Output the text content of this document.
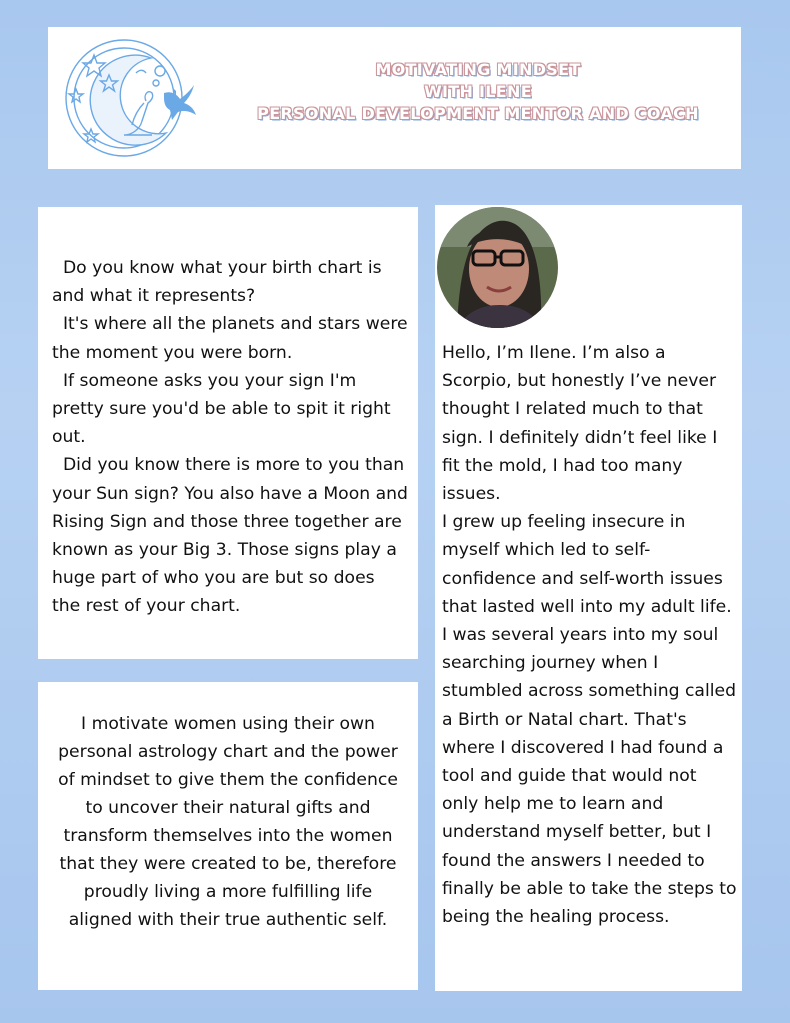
MOTIVATING MINDSET
WITH ILENE
PERSONAL DEVELOPMENT MENTOR AND COACH

Do you know what your birth chart is and what it represents?

It's where all the planets and stars were the moment you were born.

If someone asks you your sign I'm pretty sure you'd be able to spit it right out.

Did you know there is more to you than your Sun sign? You also have a Moon and Rising Sign and those three together are known as your Big 3. Those signs play a huge part of who you are but so does the rest of your chart.

I motivate women using their own personal astrology chart and the power of mindset to give them the confidence to uncover their natural gifts and transform themselves into the women that they were created to be, therefore proudly living a more fulfilling life aligned with their true authentic self.

Hello, I’m Ilene. I’m also a Scorpio, but honestly I’ve never thought I related much to that sign. I definitely didn’t feel like I fit the mold, I had too many issues.

I grew up feeling insecure in myself which led to self-confidence and self-worth issues that lasted well into my adult life.

I was several years into my soul searching journey when I stumbled across something called a Birth or Natal chart. That's where I discovered I had found a tool and guide that would not only help me to learn and understand myself better, but I found the answers I needed to finally be able to take the steps to being the healing process.
